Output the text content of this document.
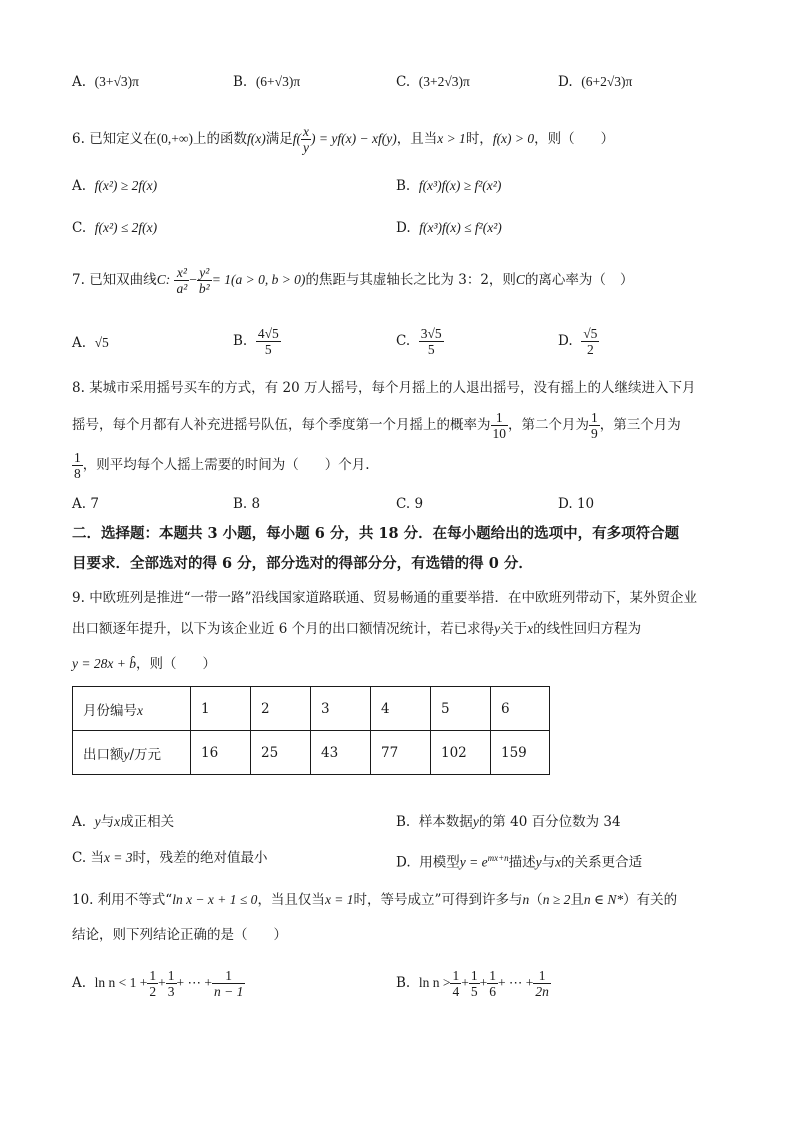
A. (3+√3)π	B. (6+√3)π	C. (3+2√3)π	D. (6+2√3)π
6. 已知定义在(0,+∞)上的函数f(x)满足$f( \frac{x}{y}$ ) = yf(x) − xf(y)，且当x > 1时，f(x) > 0，则（ ）
A. f(x²) ≥ 2f(x)	B. f(x³)f(x) ≥ f²(x²)
C. f(x²) ≤ 2f(x)	D. f(x³)f(x) ≤ f²(x²)
7. 已知双曲线C: $\frac{\text{x²}}{\text{a²}} - \frac{\text{y²}}{\text{b²}} = 1(a > 0$, b > 0)的焦距与其虚轴长之比为 3：2，则C的离心率为（ ）
A. √5	B. $\frac{4√5}{5}$	C. $\frac{3√5}{5}$	D. $\frac{√5}{2}$
8. 某城市采用摇号买车的方式，有 20 万人摇号，每个月摇上的人退出摇号，没有摇上的人继续进入下月
摇号，每个月都有人补充进摇号队伍，每个季度第一个月摇上的概率为 $\frac{1}{10}$ ，第二个月为 $\frac{1}{9}$ ，第三个月为
$\frac{1}{8}$ ，则平均每个人摇上需要的时间为（ ）个月.
A. 7	B. 8	C. 9	D. 10
二．选择题：本题共 3 小题，每小题 6 分，共 18 分．在每小题给出的选项中，有多项符合题
目要求．全部选对的得 6 分，部分选对的得部分分，有选错的得 0 分．
9. 中欧班列是推进“一带一路”沿线国家道路联通、贸易畅通的重要举措．在中欧班列带动下，某外贸企业
出口额逐年提升，以下为该企业近 6 个月的出口额情况统计，若已求得y关于x的线性回归方程为
y = 28x + b̂，则（ ）
月份编号x	1	2	3	4	5	6
出口额y/万元	16	25	43	77	102	159
A. y与x成正相关	B. 样本数据y的第 40 百分位数为 34
C. 当x = 3时，残差的绝对值最小	D. 用模型$y = e^{mx+n}$描述y与x的关系更合适
10. 利用不等式“ln x − x + 1 ≤ 0，当且仅当x = 1时，等号成立”可得到许多与n（n ≥ 2且n ∈ N*）有关的
结论，则下列结论正确的是（ ）
A. $\ln n < 1 + \frac{1}{2} + \frac{1}{3}$ + ⋯ + $\frac{1}{n - 1}$	B. $\ln n > \frac{1}{4} + \frac{1}{5} + \frac{1}{6}$ + ⋯ + $\frac{1}{2n}$
